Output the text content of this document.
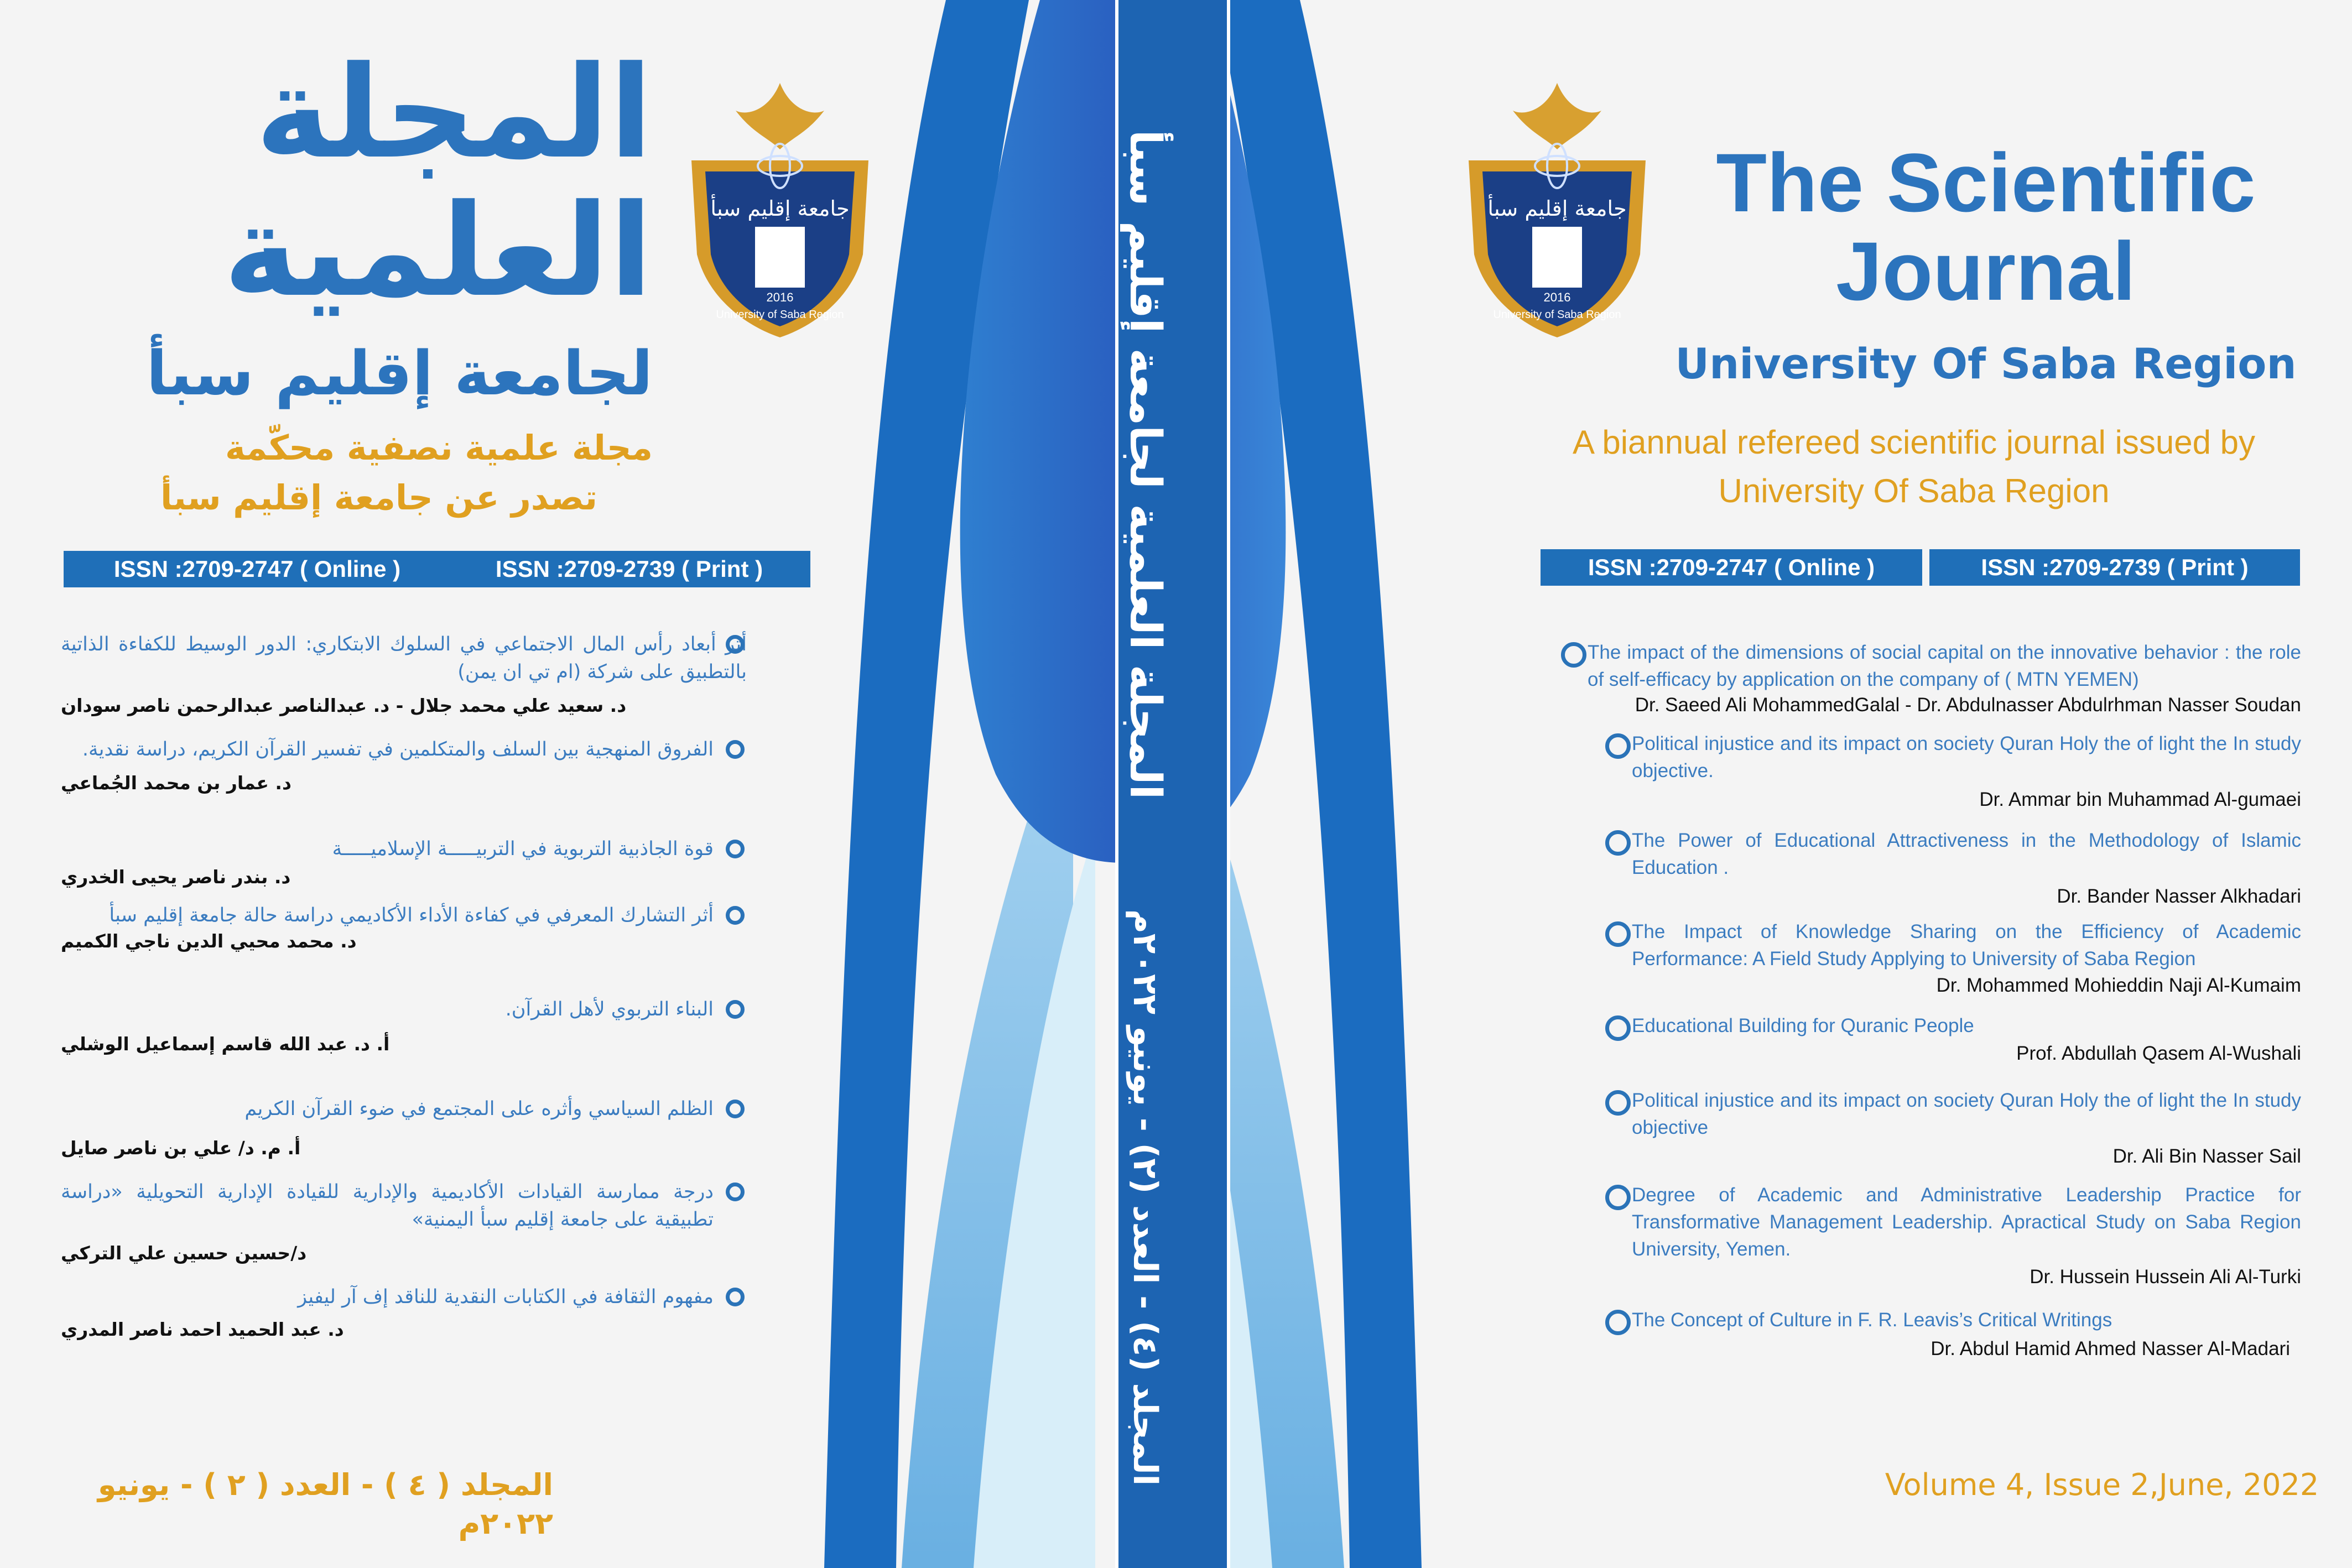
المجلة العلمية لجامعة إقليم سبأ
المجلد (٤) - العدد (٢) - يونيو ٢٠٢٢م
جامعة إقليم سبأ
2016
University of Saba Region
المجلة
العلمية
لجامعة إقليم سبأ
مجلة علمية نصفية محكّمة
تصدر عن جامعة إقليم سبأ
ISSN :2709-2747 ( Online )	ISSN :2709-2739 ( Print )
أثر أبعاد رأس المال الاجتماعي في السلوك الابتكاري: الدور الوسيط للكفاءة الذاتية بالتطبيق على شركة (ام تي ان يمن)
د. سعيد علي محمد جلال - د. عبدالناصر عبدالرحمن ناصر سودان
الفروق المنهجية بين السلف والمتكلمين في تفسير القرآن الكريم، دراسة نقدية.
د. عمار بن محمد الجُماعي
قوة الجاذبية التربوية في التربيـــــة الإسلاميـــــة
د. بندر ناصر يحيى الخدري
أثر التشارك المعرفي في كفاءة الأداء الأكاديمي دراسة حالة جامعة إقليم سبأ
د. محمد محيي الدين ناجي الكميم
البناء التربوي لأهل القرآن.
أ. د. عبد الله قاسم إسماعيل الوشلي
الظلم السياسي وأثره على المجتمع في ضوء القرآن الكريم
أ. م. د/ علي بن ناصر صايل
درجة ممارسة القيادات الأكاديمية والإدارية للقيادة الإدارية التحويلية «دراسة تطبيقية على جامعة إقليم سبأ اليمنية»
د/حسين حسين علي التركي
مفهوم الثقافة في الكتابات النقدية للناقد إف آر ليفيز
د. عبد الحميد احمد ناصر المدري
المجلد ( ٤ ) - العدد ( ٢ ) - يونيو ٢٠٢٢م
جامعة إقليم سبأ
2016
University of Saba Region
The Scientific
Journal
University Of Saba Region
A biannual refereed scientific journal issued by
University Of Saba Region
ISSN :2709-2747 ( Online )	ISSN :2709-2739 ( Print )
The impact of the dimensions of social capital on the innovative behavior : the role of self-efficacy by application on the company of ( MTN YEMEN)
Dr. Saeed Ali MohammedGalal - Dr. Abdulnasser Abdulrhman Nasser Soudan
Political injustice and its impact on society Quran Holy the of light the In study objective.
Dr. Ammar bin Muhammad Al-gumaei
The Power of Educational Attractiveness in the Methodology of Islamic Education .
Dr. Bander Nasser Alkhadari
The Impact of Knowledge Sharing on the Efficiency of Academic Performance: A Field Study Applying to University of Saba Region
Dr. Mohammed Mohieddin Naji Al-Kumaim
Educational Building for Quranic People
Prof. Abdullah Qasem Al-Wushali
Political injustice and its impact on society Quran Holy the of light the In study objective
Dr. Ali Bin Nasser Sail
Degree of Academic and Administrative Leadership Practice for Transformative Management Leadership. Apractical Study on Saba Region University, Yemen.
Dr. Hussein Hussein Ali Al-Turki
The Concept of Culture in F. R. Leavis’s Critical Writings
Dr. Abdul Hamid Ahmed Nasser Al-Madari
Volume 4, Issue 2,June, 2022
